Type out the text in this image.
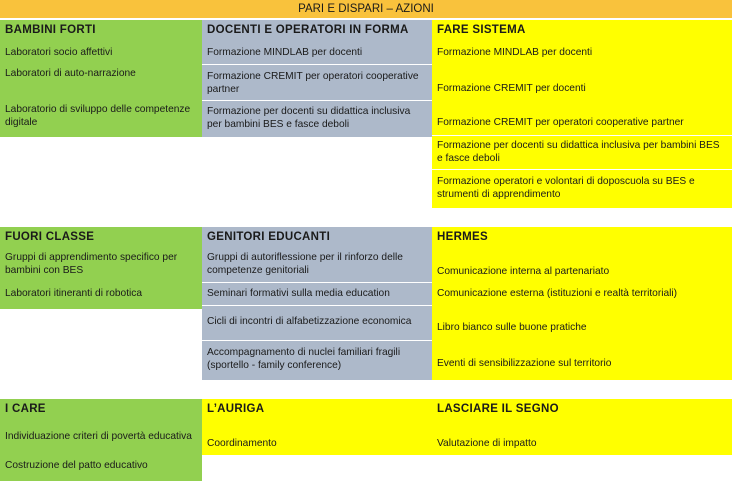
PARI E DISPARI – AZIONI
BAMBINI FORTI
Laboratori socio affettivi
Laboratori di auto-narrazione
Laboratorio di sviluppo delle competenze digitale
DOCENTI E OPERATORI IN FORMA
Formazione MINDLAB per docenti
Formazione CREMIT per operatori cooperative partner
Formazione per docenti su didattica inclusiva per bambini BES e fasce deboli
FARE SISTEMA
Formazione MINDLAB per docenti
Formazione CREMIT per docenti
Formazione CREMIT per operatori cooperative partner
Formazione per docenti su didattica inclusiva per bambini BES e fasce deboli
Formazione operatori e volontari di doposcuola su BES e strumenti di apprendimento
FUORI CLASSE
Gruppi di apprendimento specifico per bambini con BES
Laboratori itineranti di robotica
GENITORI EDUCANTI
Gruppi di autoriflessione per il rinforzo delle competenze genitoriali
Seminari formativi sulla media education
Cicli di incontri di alfabetizzazione economica
Accompagnamento di nuclei familiari fragili (sportello - family conference)
HERMES
Comunicazione interna al partenariato
Comunicazione esterna (istituzioni e realtà territoriali)
Libro bianco sulle buone pratiche
Eventi di sensibilizzazione sul territorio
I CARE
Individuazione criteri di povertà educativa
Costruzione del patto educativo
L’AURIGA
Coordinamento
LASCIARE IL SEGNO
Valutazione di impatto
